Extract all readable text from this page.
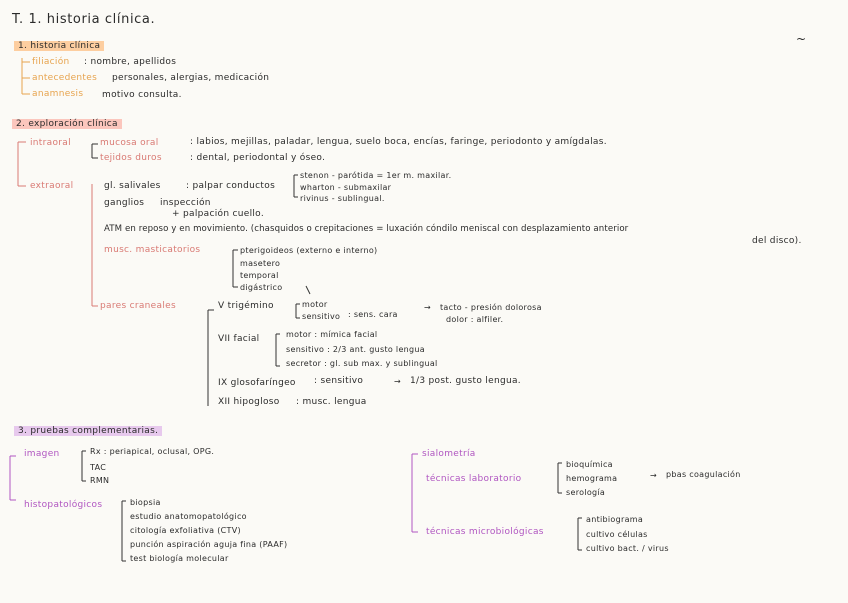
T. 1. historia clínica.
~
1. historia clínica
filiación : nombre, apellidos
antecedentes personales, alergias, medicación
anamnesis motivo consulta.
2. exploración clínica
intraoral	mucosa oral	: labios, mejillas, paladar, lengua, suelo boca, encías, faringe, periodonto y amígdalas.
tejidos duros	: dental, periodontal y óseo.
extraoral	gl. salivales	: palpar conductos
stenon - parótida = 1er m. maxilar.
wharton - submaxilar
rivinus - sublingual.
ganglios inspección
+ palpación cuello.
ATM en reposo y en movimiento. (chasquidos o crepitaciones = luxación cóndilo meniscal con desplazamiento anterior
del disco).
musc. masticatorios	pterigoideos (externo e interno)
masetero
temporal
digástrico
pares craneales	V trigémino	motor
sensitivo : sens. cara
→ tacto - presión dolorosa
dolor : alfiler.
VII facial	motor : mímica facial
sensitivo : 2/3 ant. gusto lengua
secretor : gl. sub max. y sublingual
IX glosofaríngeo : sensitivo	→ 1/3 post. gusto lengua.
XII hipogloso : musc. lengua
3. pruebas complementarias.
imagen	Rx : periapical, oclusal, OPG.
TAC
RMN
histopatológicos	biopsia
estudio anatomopatológico
citología exfoliativa (CTV)
punción aspiración aguja fina (PAAF)
test biología molecular
sialometría
técnicas laboratorio
bioquímica
hemograma
serología
→ pbas coagulación
técnicas microbiológicas
antibiograma
cultivo células
cultivo bact. / virus
